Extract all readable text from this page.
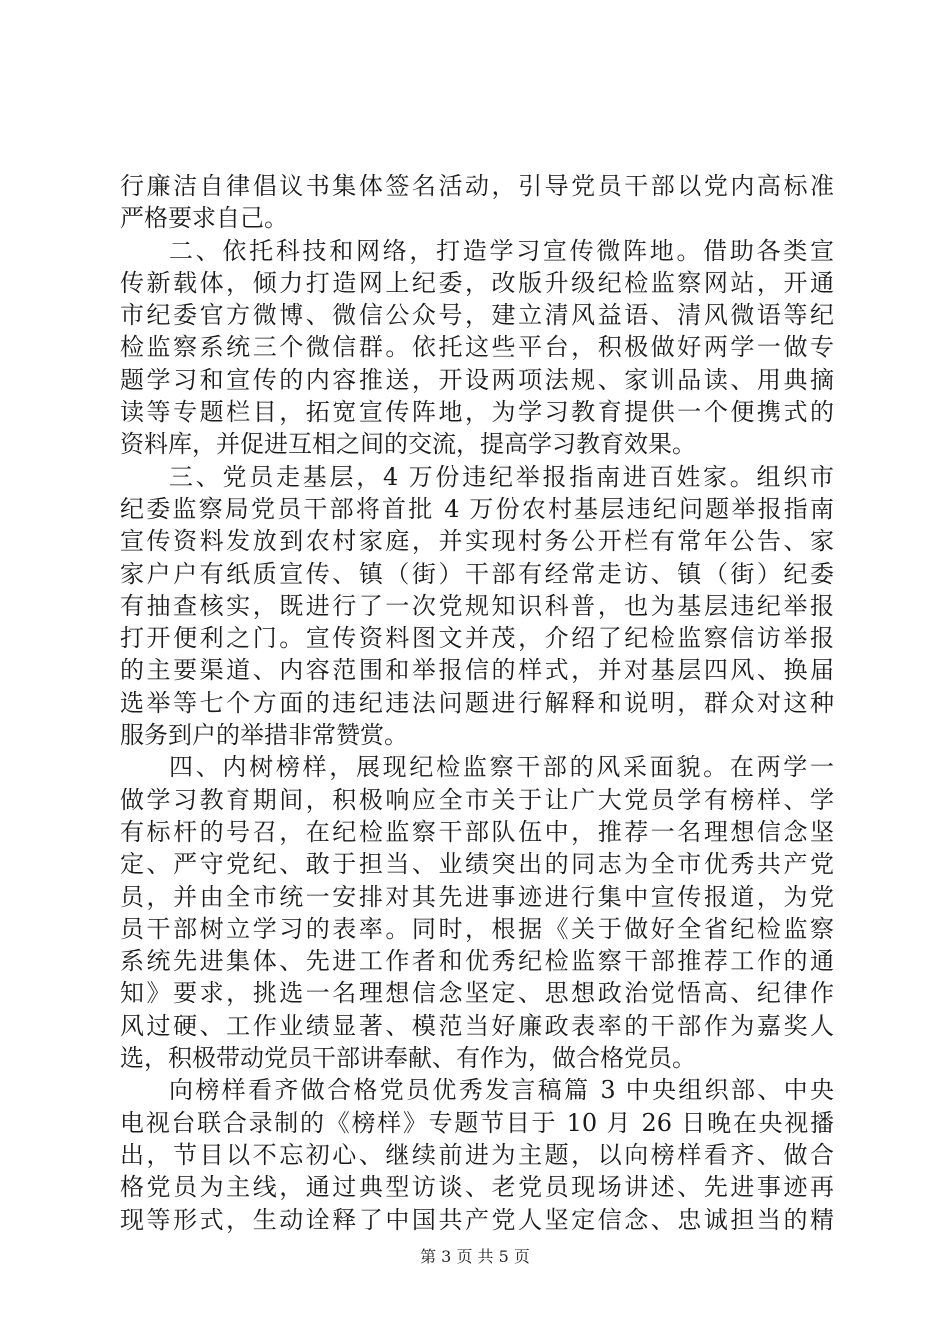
行廉洁自律倡议书集体签名活动，引导党员干部以党内高标准
严格要求自己。
二、依托科技和网络，打造学习宣传微阵地。借助各类宣
传新载体，倾力打造网上纪委，改版升级纪检监察网站，开通
市纪委官方微博、微信公众号，建立清风益语、清风微语等纪
检监察系统三个微信群。依托这些平台，积极做好两学一做专
题学习和宣传的内容推送，开设两项法规、家训品读、用典摘
读等专题栏目，拓宽宣传阵地，为学习教育提供一个便携式的
资料库，并促进互相之间的交流，提高学习教育效果。
三、党员走基层，4 万份违纪举报指南进百姓家。组织市
纪委监察局党员干部将首批 4 万份农村基层违纪问题举报指南
宣传资料发放到农村家庭，并实现村务公开栏有常年公告、家
家户户有纸质宣传、镇（街）干部有经常走访、镇（街）纪委
有抽查核实，既进行了一次党规知识科普，也为基层违纪举报
打开便利之门。宣传资料图文并茂，介绍了纪检监察信访举报
的主要渠道、内容范围和举报信的样式，并对基层四风、换届
选举等七个方面的违纪违法问题进行解释和说明，群众对这种
服务到户的举措非常赞赏。
四、内树榜样，展现纪检监察干部的风采面貌。在两学一
做学习教育期间，积极响应全市关于让广大党员学有榜样、学
有标杆的号召，在纪检监察干部队伍中，推荐一名理想信念坚
定、严守党纪、敢于担当、业绩突出的同志为全市优秀共产党
员，并由全市统一安排对其先进事迹进行集中宣传报道，为党
员干部树立学习的表率。同时，根据《关于做好全省纪检监察
系统先进集体、先进工作者和优秀纪检监察干部推荐工作的通
知》要求，挑选一名理想信念坚定、思想政治觉悟高、纪律作
风过硬、工作业绩显著、模范当好廉政表率的干部作为嘉奖人
选，积极带动党员干部讲奉献、有作为，做合格党员。
向榜样看齐做合格党员优秀发言稿篇 3 中央组织部、中央
电视台联合录制的《榜样》专题节目于 10 月 26 日晚在央视播
出，节目以不忘初心、继续前进为主题，以向榜样看齐、做合
格党员为主线，通过典型访谈、老党员现场讲述、先进事迹再
现等形式，生动诠释了中国共产党人坚定信念、忠诚担当的精
第 3 页 共 5 页
